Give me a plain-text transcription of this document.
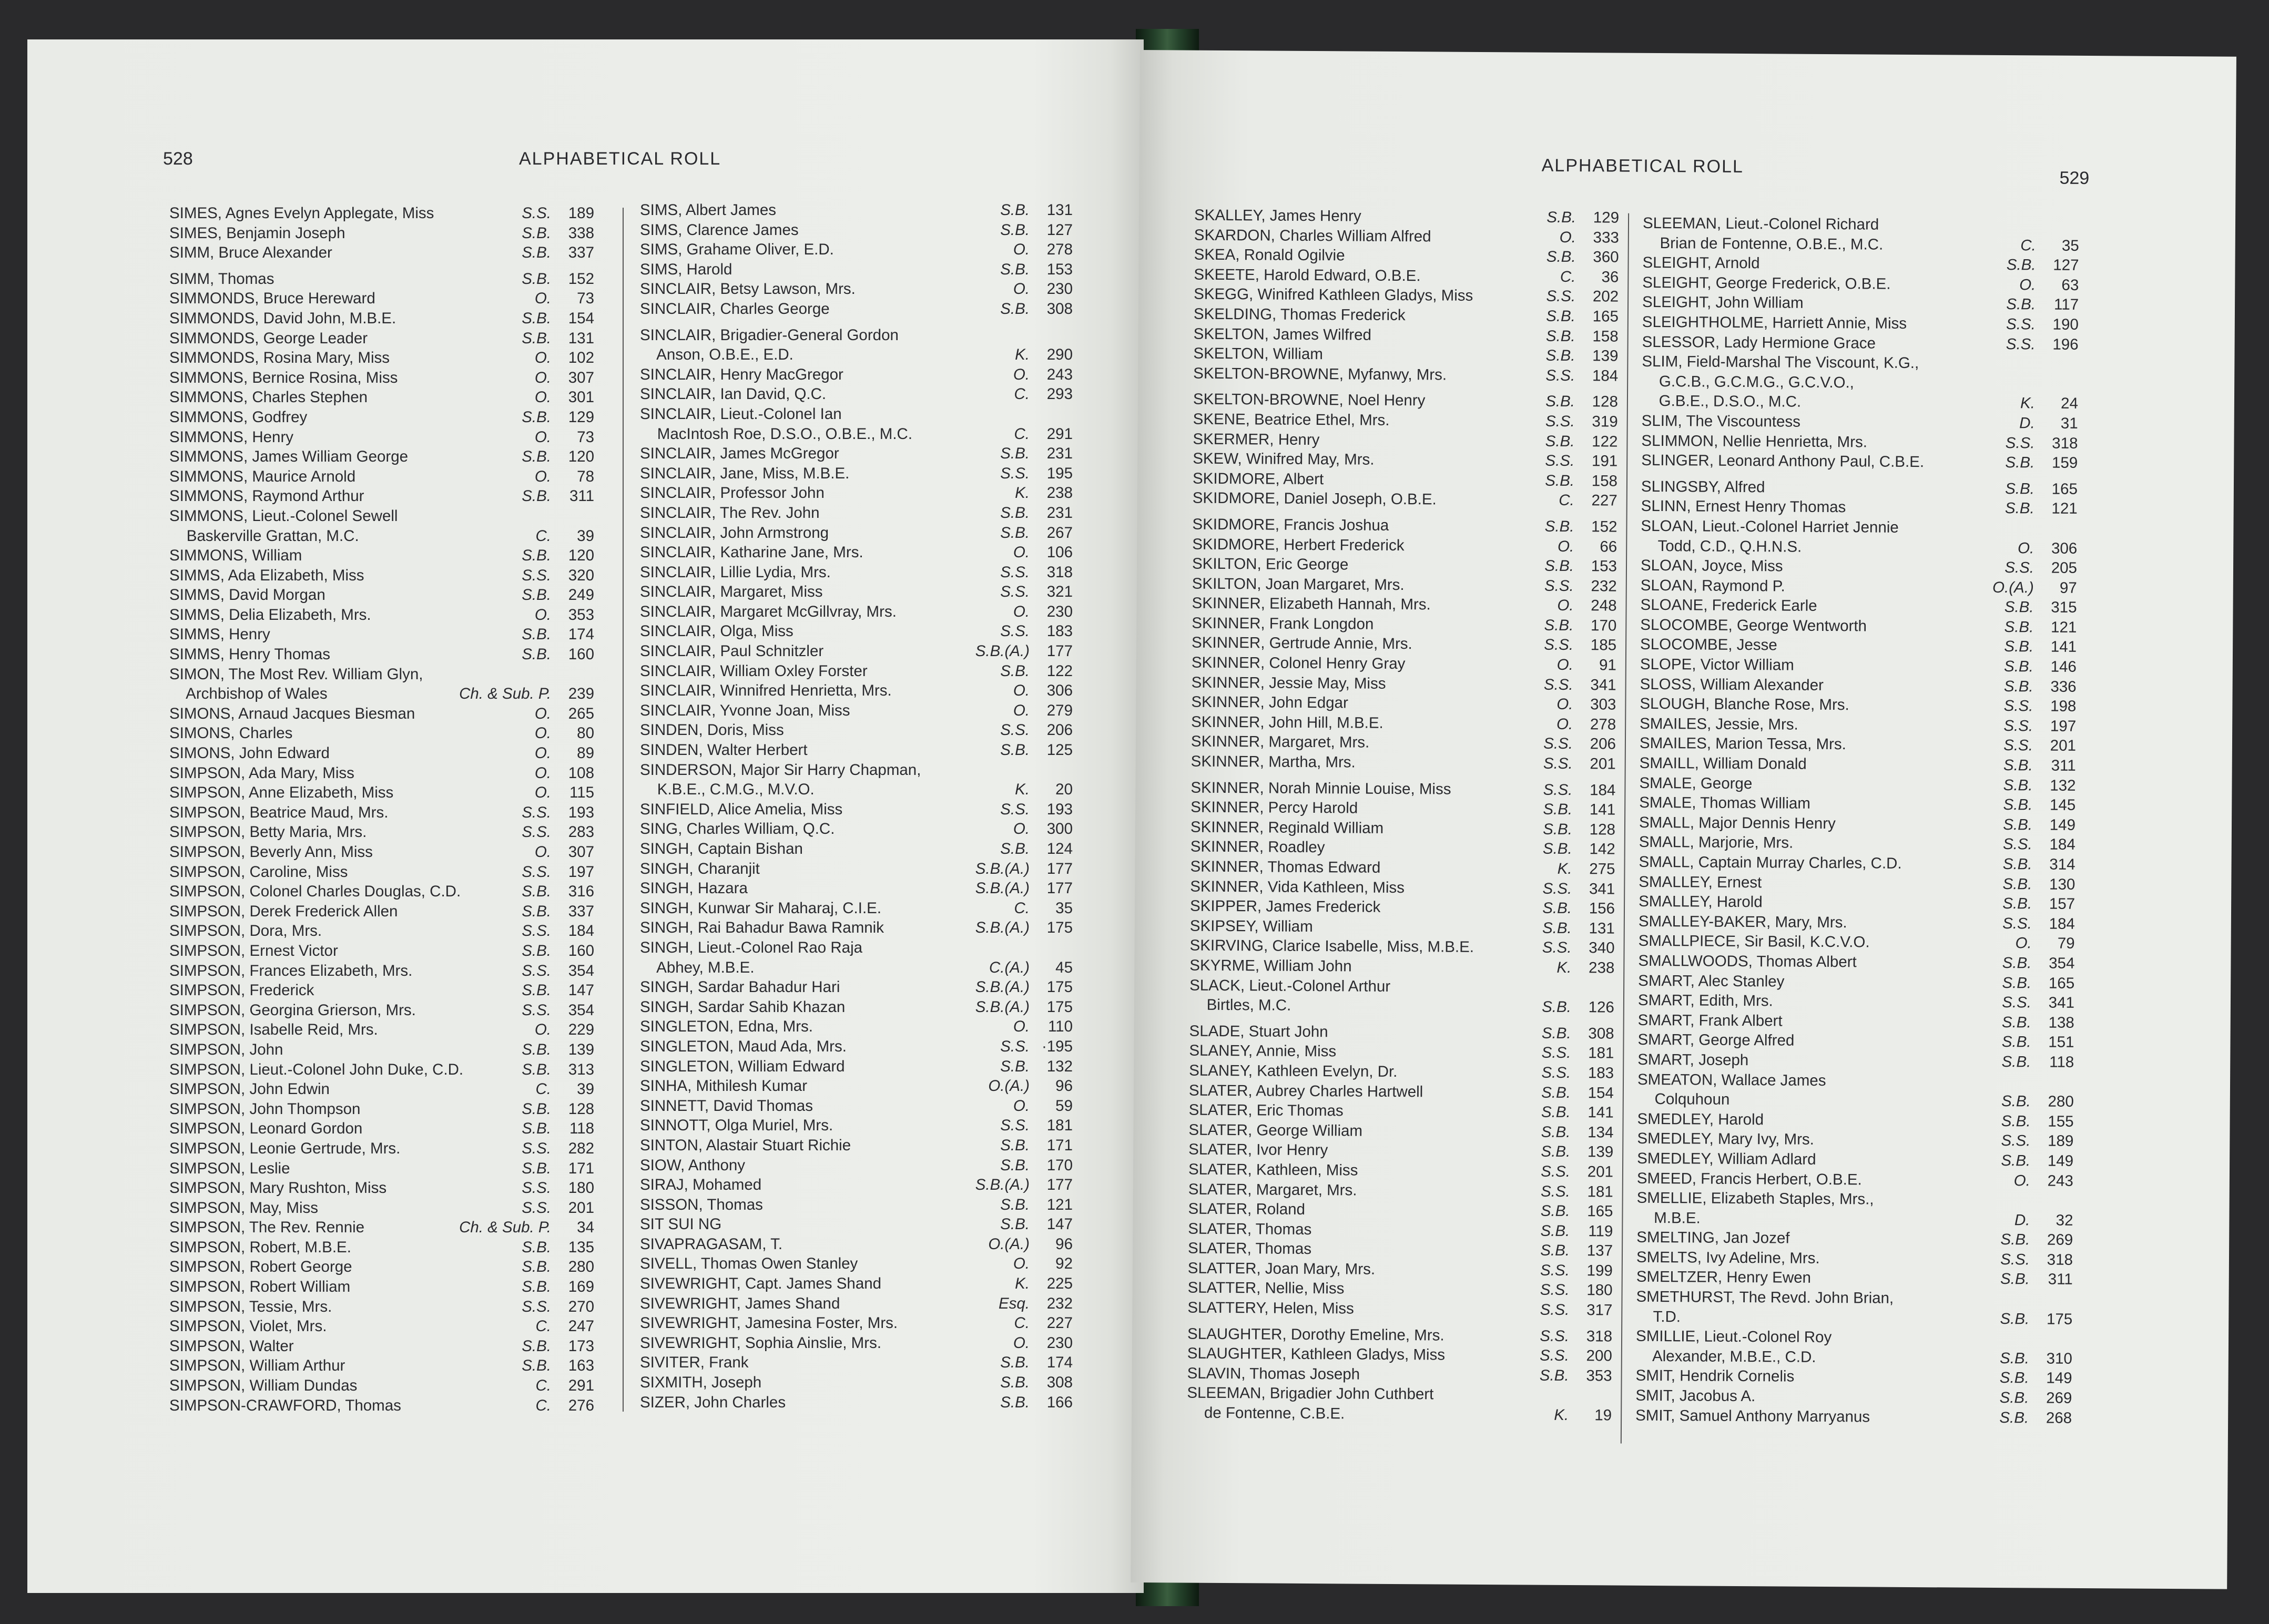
528	ALPHABETICAL ROLL
SIMES, Agnes Evelyn Applegate, Miss	S.S.	189
SIMES, Benjamin Joseph	S.B.	338
SIMM, Bruce Alexander	S.B.	337
SIMM, Thomas	S.B.	152
SIMMONDS, Bruce Hereward	O.	73
SIMMONDS, David John, M.B.E.	S.B.	154
SIMMONDS, George Leader	S.B.	131
SIMMONDS, Rosina Mary, Miss	O.	102
SIMMONS, Bernice Rosina, Miss	O.	307
SIMMONS, Charles Stephen	O.	301
SIMMONS, Godfrey	S.B.	129
SIMMONS, Henry	O.	73
SIMMONS, James William George	S.B.	120
SIMMONS, Maurice Arnold	O.	78
SIMMONS, Raymond Arthur	S.B.	311
SIMMONS, Lieut.-Colonel Sewell
Baskerville Grattan, M.C.	C.	39
SIMMONS, William	S.B.	120
SIMMS, Ada Elizabeth, Miss	S.S.	320
SIMMS, David Morgan	S.B.	249
SIMMS, Delia Elizabeth, Mrs.	O.	353
SIMMS, Henry	S.B.	174
SIMMS, Henry Thomas	S.B.	160
SIMON, The Most Rev. William Glyn,
Archbishop of Wales	Ch. & Sub. P.	239
SIMONS, Arnaud Jacques Biesman	O.	265
SIMONS, Charles	O.	80
SIMONS, John Edward	O.	89
SIMPSON, Ada Mary, Miss	O.	108
SIMPSON, Anne Elizabeth, Miss	O.	115
SIMPSON, Beatrice Maud, Mrs.	S.S.	193
SIMPSON, Betty Maria, Mrs.	S.S.	283
SIMPSON, Beverly Ann, Miss	O.	307
SIMPSON, Caroline, Miss	S.S.	197
SIMPSON, Colonel Charles Douglas, C.D.	S.B.	316
SIMPSON, Derek Frederick Allen	S.B.	337
SIMPSON, Dora, Mrs.	S.S.	184
SIMPSON, Ernest Victor	S.B.	160
SIMPSON, Frances Elizabeth, Mrs.	S.S.	354
SIMPSON, Frederick	S.B.	147
SIMPSON, Georgina Grierson, Mrs.	S.S.	354
SIMPSON, Isabelle Reid, Mrs.	O.	229
SIMPSON, John	S.B.	139
SIMPSON, Lieut.-Colonel John Duke, C.D.	S.B.	313
SIMPSON, John Edwin	C.	39
SIMPSON, John Thompson	S.B.	128
SIMPSON, Leonard Gordon	S.B.	118
SIMPSON, Leonie Gertrude, Mrs.	S.S.	282
SIMPSON, Leslie	S.B.	171
SIMPSON, Mary Rushton, Miss	S.S.	180
SIMPSON, May, Miss	S.S.	201
SIMPSON, The Rev. Rennie	Ch. & Sub. P.	34
SIMPSON, Robert, M.B.E.	S.B.	135
SIMPSON, Robert George	S.B.	280
SIMPSON, Robert William	S.B.	169
SIMPSON, Tessie, Mrs.	S.S.	270
SIMPSON, Violet, Mrs.	C.	247
SIMPSON, Walter	S.B.	173
SIMPSON, William Arthur	S.B.	163
SIMPSON, William Dundas	C.	291
SIMPSON-CRAWFORD, Thomas	C.	276
SIMS, Albert James	S.B.	131
SIMS, Clarence James	S.B.	127
SIMS, Grahame Oliver, E.D.	O.	278
SIMS, Harold	S.B.	153
SINCLAIR, Betsy Lawson, Mrs.	O.	230
SINCLAIR, Charles George	S.B.	308
SINCLAIR, Brigadier-General Gordon
Anson, O.B.E., E.D.	K.	290
SINCLAIR, Henry MacGregor	O.	243
SINCLAIR, Ian David, Q.C.	C.	293
SINCLAIR, Lieut.-Colonel Ian
MacIntosh Roe, D.S.O., O.B.E., M.C.	C.	291
SINCLAIR, James McGregor	S.B.	231
SINCLAIR, Jane, Miss, M.B.E.	S.S.	195
SINCLAIR, Professor John	K.	238
SINCLAIR, The Rev. John	S.B.	231
SINCLAIR, John Armstrong	S.B.	267
SINCLAIR, Katharine Jane, Mrs.	O.	106
SINCLAIR, Lillie Lydia, Mrs.	S.S.	318
SINCLAIR, Margaret, Miss	S.S.	321
SINCLAIR, Margaret McGillvray, Mrs.	O.	230
SINCLAIR, Olga, Miss	S.S.	183
SINCLAIR, Paul Schnitzler	S.B.(A.)	177
SINCLAIR, William Oxley Forster	S.B.	122
SINCLAIR, Winnifred Henrietta, Mrs.	O.	306
SINCLAIR, Yvonne Joan, Miss	O.	279
SINDEN, Doris, Miss	S.S.	206
SINDEN, Walter Herbert	S.B.	125
SINDERSON, Major Sir Harry Chapman,
K.B.E., C.M.G., M.V.O.	K.	20
SINFIELD, Alice Amelia, Miss	S.S.	193
SING, Charles William, Q.C.	O.	300
SINGH, Captain Bishan	S.B.	124
SINGH, Charanjit	S.B.(A.)	177
SINGH, Hazara	S.B.(A.)	177
SINGH, Kunwar Sir Maharaj, C.I.E.	C.	35
SINGH, Rai Bahadur Bawa Ramnik	S.B.(A.)	175
SINGH, Lieut.-Colonel Rao Raja
Abhey, M.B.E.	C.(A.)	45
SINGH, Sardar Bahadur Hari	S.B.(A.)	175
SINGH, Sardar Sahib Khazan	S.B.(A.)	175
SINGLETON, Edna, Mrs.	O.	110
SINGLETON, Maud Ada, Mrs.	S.S. ·195
SINGLETON, William Edward	S.B.	132
SINHA, Mithilesh Kumar	O.(A.)	96
SINNETT, David Thomas	O.	59
SINNOTT, Olga Muriel, Mrs.	S.S.	181
SINTON, Alastair Stuart Richie	S.B.	171
SIOW, Anthony	S.B.	170
SIRAJ, Mohamed	S.B.(A.)	177
SISSON, Thomas	S.B.	121
SIT SUI NG	S.B.	147
SIVAPRAGASAM, T.	O.(A.)	96
SIVELL, Thomas Owen Stanley	O.	92
SIVEWRIGHT, Capt. James Shand	K.	225
SIVEWRIGHT, James Shand	Esq.	232
SIVEWRIGHT, Jamesina Foster, Mrs.	C.	227
SIVEWRIGHT, Sophia Ainslie, Mrs.	O.	230
SIVITER, Frank	S.B.	174
SIXMITH, Joseph	S.B.	308
SIZER, John Charles	S.B.	166
ALPHABETICAL ROLL
529
SKALLEY, James Henry	S.B.	129
SKARDON, Charles William Alfred	O.	333
SKEA, Ronald Ogilvie	S.B.	360
SKEETE, Harold Edward, O.B.E.	C.	36
SKEGG, Winifred Kathleen Gladys, Miss	S.S.	202
SKELDING, Thomas Frederick	S.B.	165
SKELTON, James Wilfred	S.B.	158
SKELTON, William	S.B.	139
SKELTON-BROWNE, Myfanwy, Mrs.	S.S.	184
SKELTON-BROWNE, Noel Henry	S.B.	128
SKENE, Beatrice Ethel, Mrs.	S.S.	319
SKERMER, Henry	S.B.	122
SKEW, Winifred May, Mrs.	S.S.	191
SKIDMORE, Albert	S.B.	158
SKIDMORE, Daniel Joseph, O.B.E.	C.	227
SKIDMORE, Francis Joshua	S.B.	152
SKIDMORE, Herbert Frederick	O.	66
SKILTON, Eric George	S.B.	153
SKILTON, Joan Margaret, Mrs.	S.S.	232
SKINNER, Elizabeth Hannah, Mrs.	O.	248
SKINNER, Frank Longdon	S.B.	170
SKINNER, Gertrude Annie, Mrs.	S.S.	185
SKINNER, Colonel Henry Gray	O.	91
SKINNER, Jessie May, Miss	S.S.	341
SKINNER, John Edgar	O.	303
SKINNER, John Hill, M.B.E.	O.	278
SKINNER, Margaret, Mrs.	S.S.	206
SKINNER, Martha, Mrs.	S.S.	201
SKINNER, Norah Minnie Louise, Miss	S.S.	184
SKINNER, Percy Harold	S.B.	141
SKINNER, Reginald William	S.B.	128
SKINNER, Roadley	S.B.	142
SKINNER, Thomas Edward	K.	275
SKINNER, Vida Kathleen, Miss	S.S.	341
SKIPPER, James Frederick	S.B.	156
SKIPSEY, William	S.B.	131
SKIRVING, Clarice Isabelle, Miss, M.B.E.	S.S.	340
SKYRME, William John	K.	238
SLACK, Lieut.-Colonel Arthur
Birtles, M.C.	S.B.	126
SLADE, Stuart John	S.B.	308
SLANEY, Annie, Miss	S.S.	181
SLANEY, Kathleen Evelyn, Dr.	S.S.	183
SLATER, Aubrey Charles Hartwell	S.B.	154
SLATER, Eric Thomas	S.B.	141
SLATER, George William	S.B.	134
SLATER, Ivor Henry	S.B.	139
SLATER, Kathleen, Miss	S.S.	201
SLATER, Margaret, Mrs.	S.S.	181
SLATER, Roland	S.B.	165
SLATER, Thomas	S.B.	119
SLATER, Thomas	S.B.	137
SLATTER, Joan Mary, Mrs.	S.S.	199
SLATTER, Nellie, Miss	S.S.	180
SLATTERY, Helen, Miss	S.S.	317
SLAUGHTER, Dorothy Emeline, Mrs.	S.S.	318
SLAUGHTER, Kathleen Gladys, Miss	S.S.	200
SLAVIN, Thomas Joseph	S.B.	353
SLEEMAN, Brigadier John Cuthbert
de Fontenne, C.B.E.	K.	19
SLEEMAN, Lieut.-Colonel Richard
Brian de Fontenne, O.B.E., M.C.	C.	35
SLEIGHT, Arnold	S.B.	127
SLEIGHT, George Frederick, O.B.E.	O.	63
SLEIGHT, John William	S.B.	117
SLEIGHTHOLME, Harriett Annie, Miss	S.S.	190
SLESSOR, Lady Hermione Grace	S.S.	196
SLIM, Field-Marshal The Viscount, K.G.,
G.C.B., G.C.M.G., G.C.V.O.,
G.B.E., D.S.O., M.C.	K.	24
SLIM, The Viscountess	D.	31
SLIMMON, Nellie Henrietta, Mrs.	S.S.	318
SLINGER, Leonard Anthony Paul, C.B.E.	S.B.	159
SLINGSBY, Alfred	S.B.	165
SLINN, Ernest Henry Thomas	S.B.	121
SLOAN, Lieut.-Colonel Harriet Jennie
Todd, C.D., Q.H.N.S.	O.	306
SLOAN, Joyce, Miss	S.S.	205
SLOAN, Raymond P.	O.(A.)	97
SLOANE, Frederick Earle	S.B.	315
SLOCOMBE, George Wentworth	S.B.	121
SLOCOMBE, Jesse	S.B.	141
SLOPE, Victor William	S.B.	146
SLOSS, William Alexander	S.B.	336
SLOUGH, Blanche Rose, Mrs.	S.S.	198
SMAILES, Jessie, Mrs.	S.S.	197
SMAILES, Marion Tessa, Mrs.	S.S.	201
SMAILL, William Donald	S.B.	311
SMALE, George	S.B.	132
SMALE, Thomas William	S.B.	145
SMALL, Major Dennis Henry	S.B.	149
SMALL, Marjorie, Mrs.	S.S.	184
SMALL, Captain Murray Charles, C.D.	S.B.	314
SMALLEY, Ernest	S.B.	130
SMALLEY, Harold	S.B.	157
SMALLEY-BAKER, Mary, Mrs.	S.S.	184
SMALLPIECE, Sir Basil, K.C.V.O.	O.	79
SMALLWOODS, Thomas Albert	S.B.	354
SMART, Alec Stanley	S.B.	165
SMART, Edith, Mrs.	S.S.	341
SMART, Frank Albert	S.B.	138
SMART, George Alfred	S.B.	151
SMART, Joseph	S.B.	118
SMEATON, Wallace James
Colquhoun	S.B.	280
SMEDLEY, Harold	S.B.	155
SMEDLEY, Mary Ivy, Mrs.	S.S.	189
SMEDLEY, William Adlard	S.B.	149
SMEED, Francis Herbert, O.B.E.	O.	243
SMELLIE, Elizabeth Staples, Mrs.,
M.B.E.	D.	32
SMELTING, Jan Jozef	S.B.	269
SMELTS, Ivy Adeline, Mrs.	S.S.	318
SMELTZER, Henry Ewen	S.B.	311
SMETHURST, The Revd. John Brian,
T.D.	S.B.	175
SMILLIE, Lieut.-Colonel Roy
Alexander, M.B.E., C.D.	S.B.	310
SMIT, Hendrik Cornelis	S.B.	149
SMIT, Jacobus A.	S.B.	269
SMIT, Samuel Anthony Marryanus	S.B.	268
